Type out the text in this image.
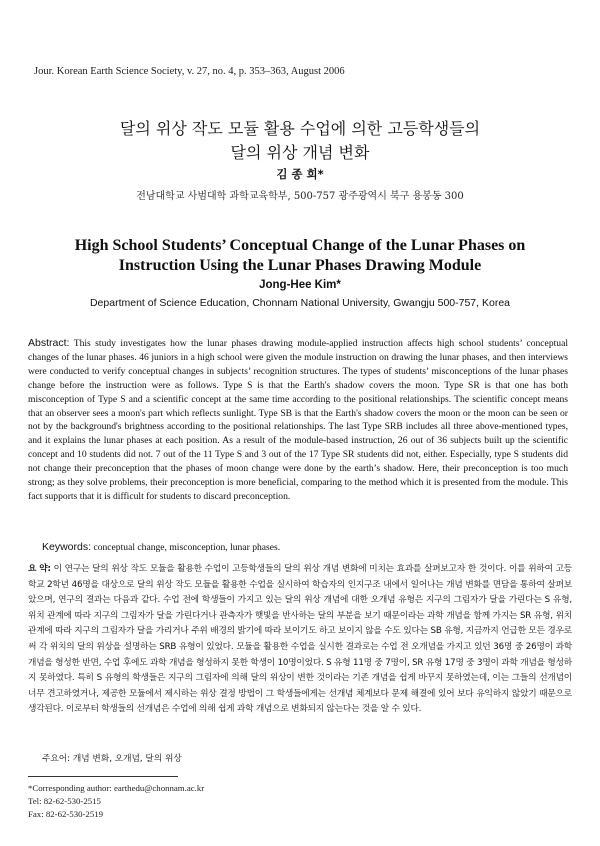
Jour. Korean Earth Science Society, v. 27, no. 4, p. 353–363, August 2006
달의 위상 작도 모듈 활용 수업에 의한 고등학생들의
달의 위상 개념 변화
김 종 희*
전남대학교 사범대학 과학교육학부, 500-757 광주광역시 북구 용봉동 300
High School Students’ Conceptual Change of the Lunar Phases on
Instruction Using the Lunar Phases Drawing Module
Jong-Hee Kim*
Department of Science Education, Chonnam National University, Gwangju 500-757, Korea

Abstract: This study investigates how the lunar phases drawing module-applied instruction affects high school students’ conceptual changes of the lunar phases. 46 juniors in a high school were given the module instruction on drawing the lunar phases, and then interviews were conducted to verify conceptual changes in subjects’ recognition structures. The types of students’ misconceptions of the lunar phases change before the instruction were as follows. Type S is that the Earth's shadow covers the moon. Type SR is that one has both misconception of Type S and a scientific concept at the same time according to the positional relationships. The scientific concept means that an observer sees a moon's part which reflects sunlight. Type SB is that the Earth's shadow covers the moon or the moon can be seen or not by the background's brightness according to the positional relationships. The last Type SRB includes all three above-mentioned types, and it explains the lunar phases at each position. As a result of the module-based instruction, 26 out of 36 subjects built up the scientific concept and 10 students did not. 7 out of the 11 Type S and 3 out of the 17 Type SR students did not, either. Especially, type S students did not change their preconception that the phases of moon change were done by the earth’s shadow. Here, their preconception is too much strong; as they solve problems, their preconception is more beneficial, comparing to the method which it is presented from the module. This fact supports that it is difficult for students to discard preconception.

Keywords: conceptual change, misconception, lunar phases.

요 약: 이 연구는 달의 위상 작도 모듈을 활용한 수업이 고등학생들의 달의 위상 개념 변화에 미치는 효과를 살펴보고자 한 것이다. 이를 위하여 고등학교 2학년 46명을 대상으로 달의 위상 작도 모듈을 활용한 수업을 실시하여 학습자의 인지구조 내에서 일어나는 개념 변화를 면담을 통하여 살펴보았으며, 연구의 결과는 다음과 같다. 수업 전에 학생들이 가지고 있는 달의 위상 개념에 대한 오개념 유형은 지구의 그림자가 달을 가린다는 S 유형, 위치 관계에 따라 지구의 그림자가 달을 가린다거나 관측자가 햇빛을 반사하는 달의 부분을 보기 때문이라는 과학 개념을 함께 가지는 SR 유형, 위치 관계에 따라 지구의 그림자가 달을 가리거나 주위 배경의 밝기에 따라 보이기도 하고 보이지 않을 수도 있다는 SB 유형, 지금까지 언급한 모든 경우로써 각 위치의 달의 위상을 설명하는 SRB 유형이 있었다. 모듈을 활용한 수업을 실시한 결과로는 수업 전 오개념을 가지고 있던 36명 중 26명이 과학 개념을 형성한 반면, 수업 후에도 과학 개념을 형성하지 못한 학생이 10명이었다. S 유형 11명 중 7명이, SR 유형 17명 중 3명이 과학 개념을 형성하지 못하였다. 특히 S 유형의 학생들은 지구의 그림자에 의해 달의 위상이 변한 것이라는 기존 개념을 쉽게 바꾸지 못하였는데, 이는 그들의 선개념이 너무 견고하였거나, 제공한 모듈에서 제시하는 위상 결정 방법이 그 학생들에게는 선개념 체계보다 문제 해결에 있어 보다 유익하지 않았기 때문으로 생각된다. 이로부터 학생들의 선개념은 수업에 의해 쉽게 과학 개념으로 변화되지 않는다는 것을 알 수 있다.

주요어: 개념 변화, 오개념, 달의 위상
*Corresponding author: earthedu@chonnam.ac.kr
Tel: 82-62-530-2515
Fax: 82-62-530-2519
